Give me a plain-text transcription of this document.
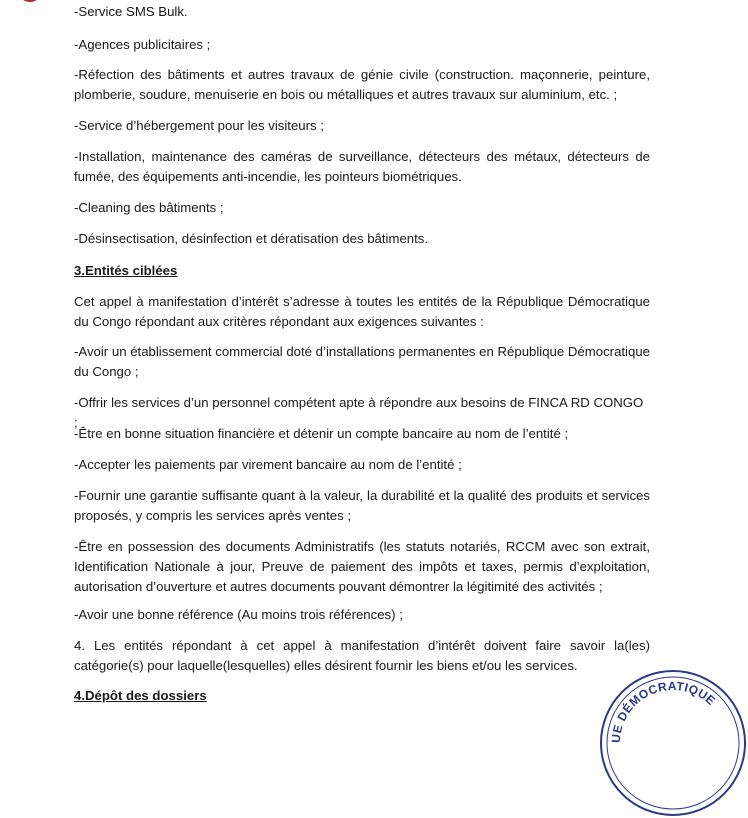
-Service SMS Bulk.

-Agences publicitaires ;

-Réfection des bâtiments et autres travaux de génie civile (construction. maçonnerie, peinture, plomberie, soudure, menuiserie en bois ou métalliques et autres travaux sur aluminium, etc. ;

-Service d’hébergement pour les visiteurs ;

-Installation, maintenance des caméras de surveillance, détecteurs des métaux, détecteurs de fumée, des équipements anti-incendie, les pointeurs biométriques.

-Cleaning des bâtiments ;

-Désinsectisation, désinfection et dératisation des bâtiments.

3.Entités ciblées

Cet appel à manifestation d’intérêt s’adresse à toutes les entités de la République Démocratique du Congo répondant aux critères répondant aux exigences suivantes :

-Avoir un établissement commercial doté d’installations permanentes en République Démocratique du Congo ;

-Offrir les services d’un personnel compétent apte à répondre aux besoins de FINCA RD CONGO ;

-Être en bonne situation financière et détenir un compte bancaire au nom de l’entité ;

-Accepter les paiements par virement bancaire au nom de l’entité ;

-Fournir une garantie suffisante quant à la valeur, la durabilité et la qualité des produits et services proposés, y compris les services après ventes ;

-Être en possession des documents Administratifs (les statuts notariés, RCCM avec son extrait, Identification Nationale à jour, Preuve de paiement des impôts et taxes, permis d’exploitation, autorisation d’ouverture et autres documents pouvant démontrer la légitimité des activités ;

-Avoir une bonne référence (Au moins trois références) ;

4. Les entités répondant à cet appel à manifestation d’intérêt doivent faire savoir la(les) catégorie(s) pour laquelle(lesquelles) elles désirent fournir les biens et/ou les services.

4.Dépôt des dossiers

UE DÉMOCRATIQUE
